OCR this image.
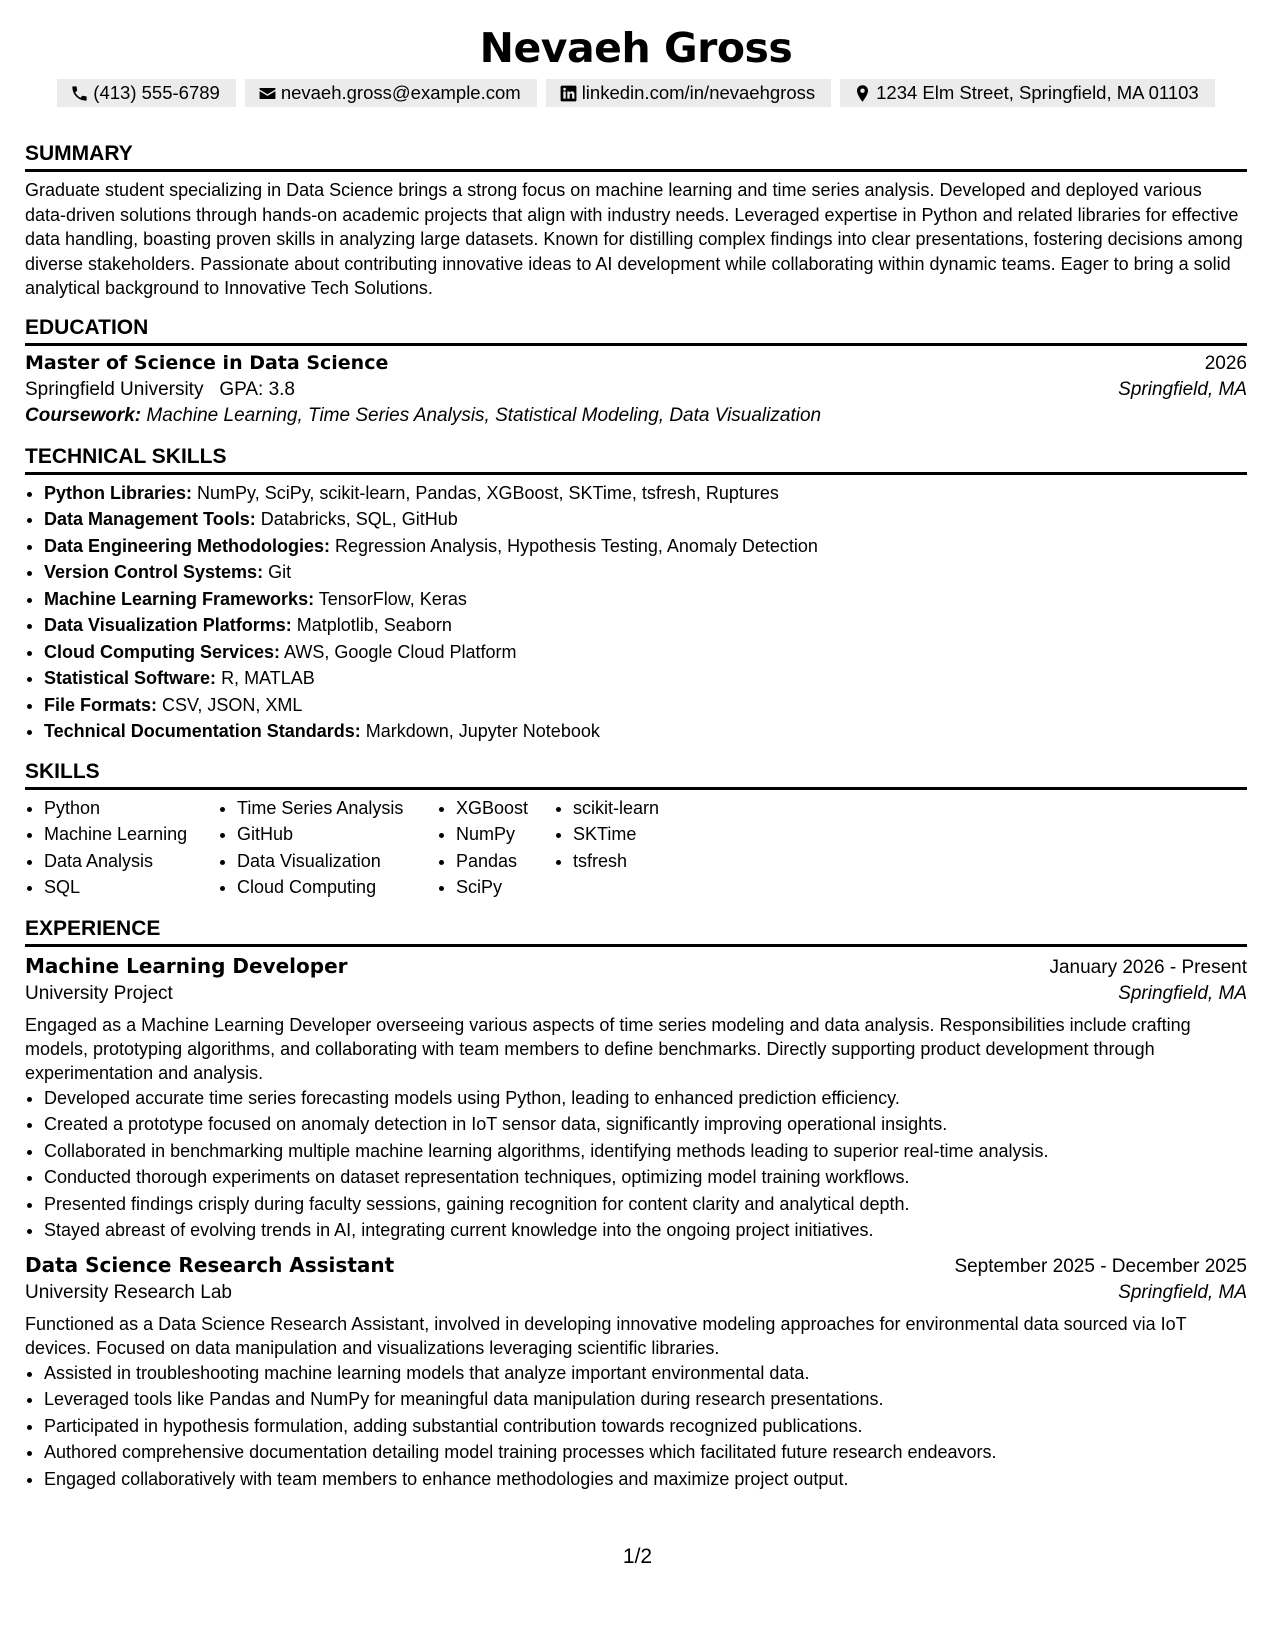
Nevaeh Gross
(413) 555-6789	nevaeh.gross@example.com	linkedin.com/in/nevaehgross	1234 Elm Street, Springfield, MA 01103
SUMMARY

Graduate student specializing in Data Science brings a strong focus on machine learning and time series analysis. Developed and deployed various data-driven solutions through hands-on academic projects that align with industry needs. Leveraged expertise in Python and related libraries for effective data handling, boasting proven skills in analyzing large datasets. Known for distilling complex findings into clear presentations, fostering decisions among diverse stakeholders. Passionate about contributing innovative ideas to AI development while collaborating within dynamic teams. Eager to bring a solid analytical background to Innovative Tech Solutions.

EDUCATION
Master of Science in Data Science	2026
Springfield University GPA: 3.8	Springfield, MA
Coursework: Machine Learning, Time Series Analysis, Statistical Modeling, Data Visualization
TECHNICAL SKILLS
• Python Libraries: NumPy, SciPy, scikit-learn, Pandas, XGBoost, SKTime, tsfresh, Ruptures
• Data Management Tools: Databricks, SQL, GitHub
• Data Engineering Methodologies: Regression Analysis, Hypothesis Testing, Anomaly Detection
• Version Control Systems: Git
• Machine Learning Frameworks: TensorFlow, Keras
• Data Visualization Platforms: Matplotlib, Seaborn
• Cloud Computing Services: AWS, Google Cloud Platform
• Statistical Software: R, MATLAB
• File Formats: CSV, JSON, XML
• Technical Documentation Standards: Markdown, Jupyter Notebook
SKILLS
• Python
• Machine Learning
• Data Analysis
• SQL
• Time Series Analysis
• GitHub
• Data Visualization
• Cloud Computing
• XGBoost
• NumPy
• Pandas
• SciPy
• scikit-learn
• SKTime
• tsfresh
EXPERIENCE
Machine Learning Developer	January 2026 - Present
University Project	Springfield, MA

Engaged as a Machine Learning Developer overseeing various aspects of time series modeling and data analysis. Responsibilities include crafting models, prototyping algorithms, and collaborating with team members to define benchmarks. Directly supporting product development through experimentation and analysis.

• Developed accurate time series forecasting models using Python, leading to enhanced prediction efficiency.
• Created a prototype focused on anomaly detection in IoT sensor data, significantly improving operational insights.
• Collaborated in benchmarking multiple machine learning algorithms, identifying methods leading to superior real-time analysis.
• Conducted thorough experiments on dataset representation techniques, optimizing model training workflows.
• Presented findings crisply during faculty sessions, gaining recognition for content clarity and analytical depth.
• Stayed abreast of evolving trends in AI, integrating current knowledge into the ongoing project initiatives.
Data Science Research Assistant	September 2025 - December 2025
University Research Lab	Springfield, MA

Functioned as a Data Science Research Assistant, involved in developing innovative modeling approaches for environmental data sourced via IoT devices. Focused on data manipulation and visualizations leveraging scientific libraries.

• Assisted in troubleshooting machine learning models that analyze important environmental data.
• Leveraged tools like Pandas and NumPy for meaningful data manipulation during research presentations.
• Participated in hypothesis formulation, adding substantial contribution towards recognized publications.
• Authored comprehensive documentation detailing model training processes which facilitated future research endeavors.
• Engaged collaboratively with team members to enhance methodologies and maximize project output.
1/2
